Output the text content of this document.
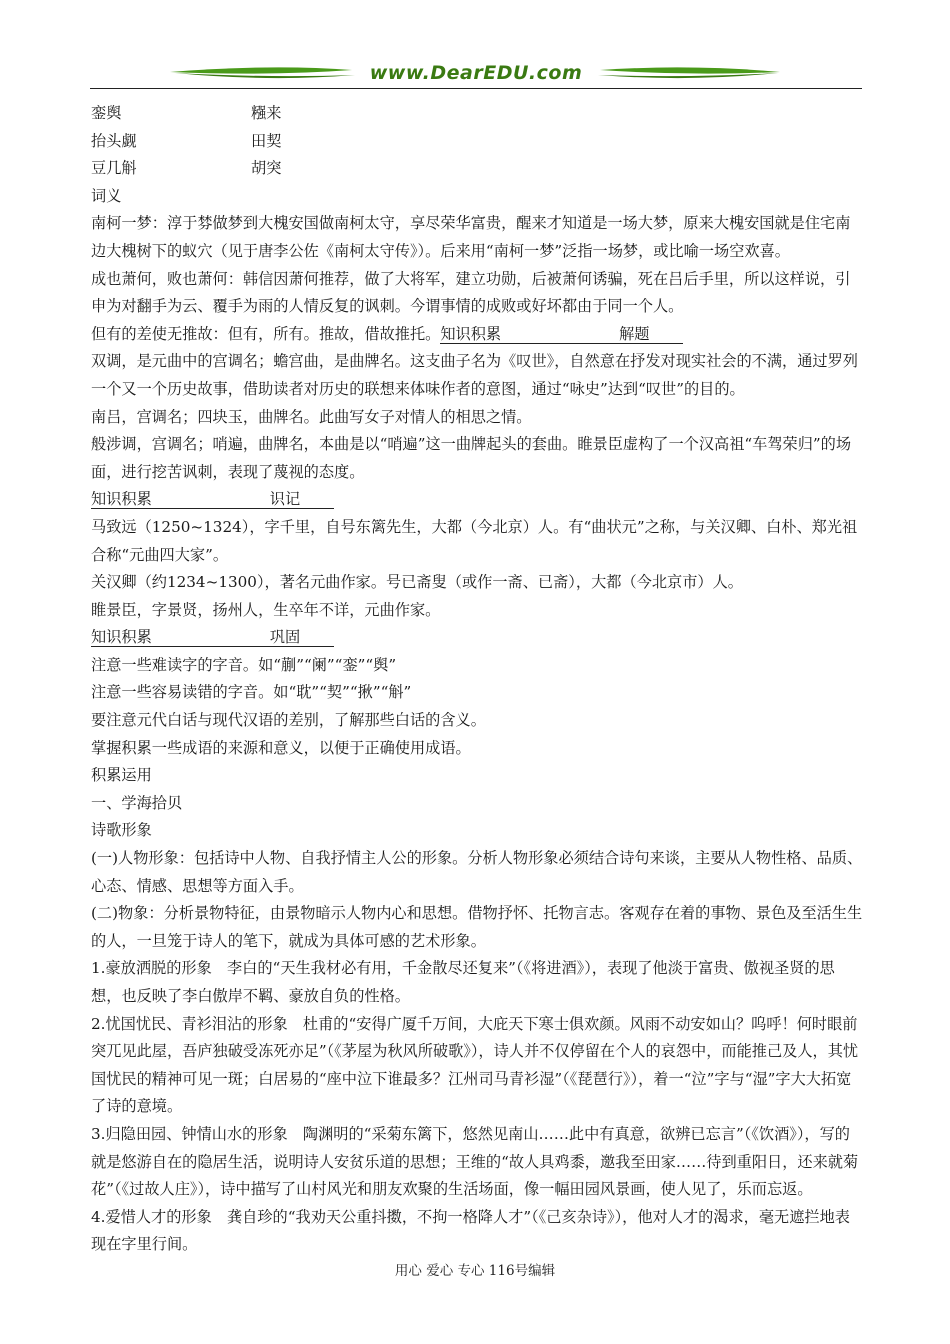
www.DearEDU.com

銮舆	糨来

抬头觑	田契

豆几斛	胡突

词义

南柯一梦：淳于棼做梦到大槐安国做南柯太守，享尽荣华富贵，醒来才知道是一场大梦，原来大槐安国就是住宅南边大槐树下的蚁穴（见于唐李公佐《南柯太守传》）。后来用“南柯一梦”泛指一场梦，或比喻一场空欢喜。

成也萧何，败也萧何：韩信因萧何推荐，做了大将军，建立功勋，后被萧何诱骗，死在吕后手里，所以这样说，引申为对翻手为云、覆手为雨的人情反复的讽刺。今谓事情的成败或好坏都由于同一个人。

但有的差使无推故：但有，所有。推故，借故推托。知识积累	解题

双调，是元曲中的宫调名；蟾宫曲，是曲牌名。这支曲子名为《叹世》，自然意在抒发对现实社会的不满，通过罗列一个又一个历史故事，借助读者对历史的联想来体味作者的意图，通过“咏史”达到“叹世”的目的。

南吕，宫调名；四块玉，曲牌名。此曲写女子对情人的相思之情。

般涉调，宫调名；哨遍，曲牌名，本曲是以“哨遍”这一曲牌起头的套曲。睢景臣虚构了一个汉高祖“车驾荣归”的场面，进行挖苦讽刺，表现了蔑视的态度。

知识积累	识记

马致远（1250~1324），字千里，自号东篱先生，大都（今北京）人。有“曲状元”之称，与关汉卿、白朴、郑光祖合称“元曲四大家”。

关汉卿（约1234~1300），著名元曲作家。号已斋叟（或作一斋、已斋），大都（今北京市）人。

睢景臣，字景贤，扬州人，生卒年不详，元曲作家。

知识积累	巩固

注意一些难读字的字音。如“蒯”“阑”“銮”“舆”

注意一些容易读错的字音。如“耽”“契”“揪”“斛”

要注意元代白话与现代汉语的差别，了解那些白话的含义。

掌握积累一些成语的来源和意义，以便于正确使用成语。

积累运用

一、学海拾贝

诗歌形象

(一)人物形象：包括诗中人物、自我抒情主人公的形象。分析人物形象必须结合诗句来谈，主要从人物性格、品质、心态、情感、思想等方面入手。

(二)物象：分析景物特征，由景物暗示人物内心和思想。借物抒怀、托物言志。客观存在着的事物、景色及至活生生的人，一旦笼于诗人的笔下，就成为具体可感的艺术形象。

1.豪放洒脱的形象　李白的“天生我材必有用，千金散尽还复来”（《将进酒》），表现了他淡于富贵、傲视圣贤的思想，也反映了李白傲岸不羁、豪放自负的性格。

2.忧国忧民、青衫泪沾的形象　杜甫的“安得广厦千万间，大庇天下寒士俱欢颜。风雨不动安如山？呜呼！何时眼前突兀见此屋，吾庐独破受冻死亦足”（《茅屋为秋风所破歌》），诗人并不仅停留在个人的哀怨中，而能推己及人，其忧国忧民的精神可见一斑；白居易的“座中泣下谁最多？江州司马青衫湿”（《琵琶行》），着一“泣”字与“湿”字大大拓宽了诗的意境。

3.归隐田园、钟情山水的形象　陶渊明的“采菊东篱下，悠然见南山……此中有真意，欲辨已忘言”（《饮酒》），写的就是悠游自在的隐居生活，说明诗人安贫乐道的思想；王维的“故人具鸡黍，邀我至田家……待到重阳日，还来就菊花”（《过故人庄》），诗中描写了山村风光和朋友欢聚的生活场面，像一幅田园风景画，使人见了，乐而忘返。

4.爱惜人才的形象　龚自珍的“我劝天公重抖擞，不拘一格降人才”（《己亥杂诗》），他对人才的渴求，毫无遮拦地表现在字里行间。

用心 爱心 专心 116号编辑
